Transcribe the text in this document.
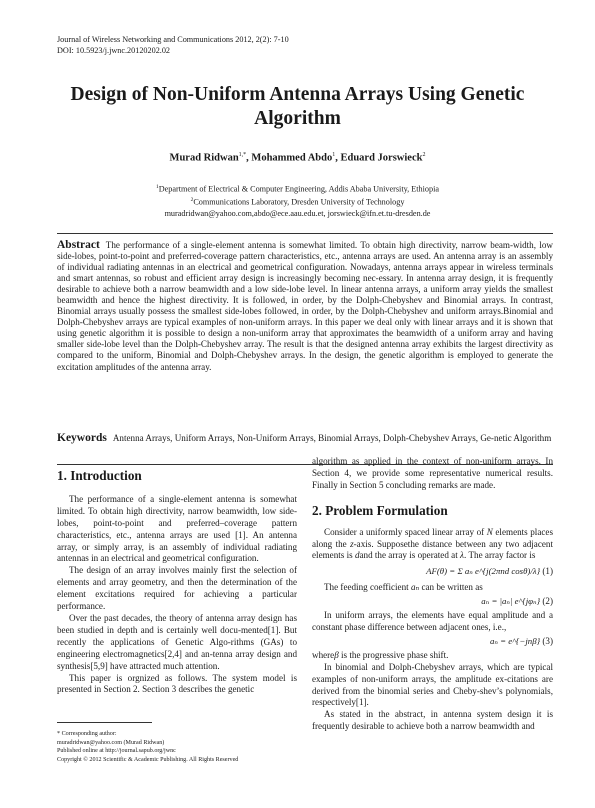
Journal of Wireless Networking and Communications 2012, 2(2): 7-10
DOI: 10.5923/j.jwnc.20120202.02
Design of Non-Uniform Antenna Arrays Using Genetic
Algorithm
Murad Ridwan$^{1,*}$, Mohammed Abdo$^1$, Eduard Jorswieck$^2$
$^1$Department of Electrical & Computer Engineering, Addis Ababa University, Ethiopia
$^2$Communications Laboratory, Dresden University of Technology
muradridwan@yahoo.com,abdo@ece.aau.edu.et, jorswieck@ifn.et.tu-dresden.de
Abstract The performance of a single-element antenna is somewhat limited. To obtain high directivity, narrow beam-width, low side-lobes, point-to-point and preferred-coverage pattern characteristics, etc., antenna arrays are used. An antenna array is an assembly of individual radiating antennas in an electrical and geometrical configuration. Nowadays, antenna arrays appear in wireless terminals and smart antennas, so robust and efficient array design is increasingly becoming nec-essary. In antenna array design, it is frequently desirable to achieve both a narrow beamwidth and a low side-lobe level. In linear antenna arrays, a uniform array yields the smallest beamwidth and hence the highest directivity. It is followed, in order, by the Dolph-Chebyshev and Binomial arrays. In contrast, Binomial arrays usually possess the smallest side-lobes followed, in order, by the Dolph-Chebyshev and uniform arrays.Binomial and Dolph-Chebyshev arrays are typical examples of non-uniform arrays. In this paper we deal only with linear arrays and it is shown that using genetic algorithm it is possible to design a non-uniform array that approximates the beamwidth of a uniform array and having smaller side-lobe level than the Dolph-Chebyshev array. The result is that the designed antenna array exhibits the largest directivity as compared to the uniform, Binomial and Dolph-Chebyshev arrays. In the design, the genetic algorithm is employed to generate the excitation amplitudes of the antenna array.
Keywords Antenna Arrays, Uniform Arrays, Non-Uniform Arrays, Binomial Arrays, Dolph-Chebyshev Arrays, Ge-netic Algorithm
1. Introduction

The performance of a single-element antenna is somewhat limited. To obtain high directivity, narrow beamwidth, low side-lobes, point-to-point and preferred–coverage pattern characteristics, etc., antenna arrays are used [1]. An antenna array, or simply array, is an assembly of individual radiating antennas in an electrical and geometrical configuration.

The design of an array involves mainly first the selection of elements and array geometry, and then the determination of the element excitations required for achieving a particular performance.

Over the past decades, the theory of antenna array design has been studied in depth and is certainly well docu-mented[1]. But recently the applications of Genetic Algo-rithms (GAs) to engineering electromagnetics[2,4] and an-tenna array design and synthesis[5,9] have attracted much attention.

This paper is orgnized as follows. The system model is presented in Section 2. Section 3 describes the genetic

* Corresponding author:
muradridwan@yahoo.com (Murad Ridwan)
Published online at http://journal.sapub.org/jwnc
Copyright © 2012 Scientific & Academic Publishing. All Rights Reserved

algorithm as applied in the context of non-uniform arrays. In Section 4, we provide some representative numerical results. Finally in Section 5 concluding remarks are made.

2. Problem Formulation

Consider a uniformly spaced linear array of N elements places along the z-axis. Supposethe distance between any two adjacent elements is dand the array is operated at λ. The array factor is

AF(θ) = Σ aₙ e^{j(2πnd cosθ)/λ} (1)

The feeding coefficient aₙ can be written as

aₙ = |aₙ| e^{jφₙ} (2)

In uniform arrays, the elements have equal amplitude and a constant phase difference between adjacent ones, i.e.,

aₙ = e^{−jnβ} (3)

whereβ is the progressive phase shift.

In binomial and Dolph-Chebyshev arrays, which are typical examples of non-uniform arrays, the amplitude ex-citations are derived from the binomial series and Cheby-shev’s polynomials, respectively[1].

As stated in the abstract, in antenna system design it is frequently desirable to achieve both a narrow beamwidth and
